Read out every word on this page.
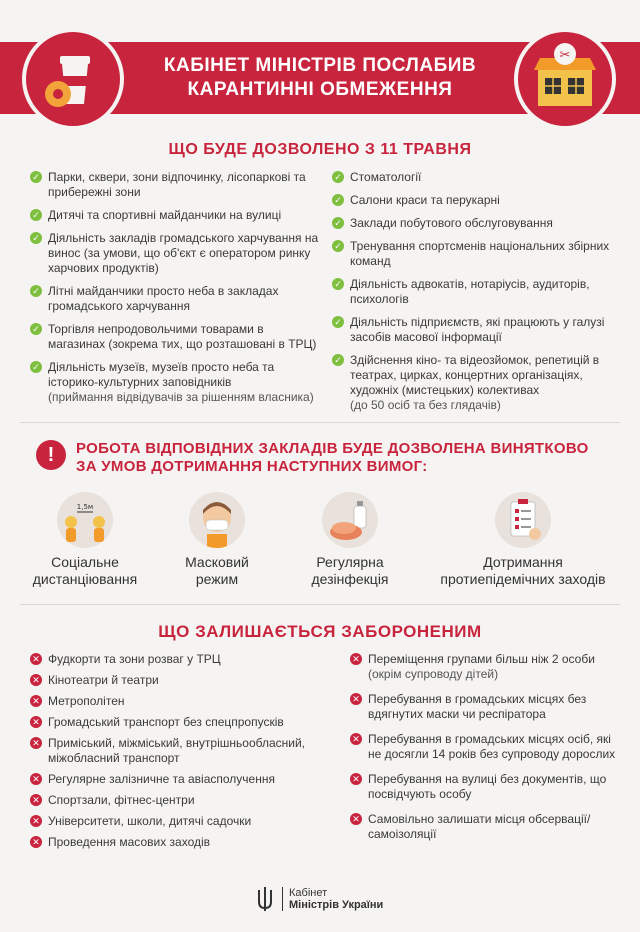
КАБІНЕТ МІНІСТРІВ ПОСЛАБИВ
КАРАНТИННІ ОБМЕЖЕННЯ
✂
ЩО БУДЕ ДОЗВОЛЕНО З 11 ТРАВНЯ
✓ Парки, сквери, зони відпочинку, лісопаркові та прибережні зони
✓ Дитячі та спортивні майданчики на вулиці
✓ Діяльність закладів громадського харчування на винос (за умови, що об'єкт є оператором ринку харчових продуктів)
✓ Літні майданчики просто неба в закладах громадського харчування
✓ Торгівля непродовольчими товарами в магазинах (зокрема тих, що розташовані в ТРЦ)
✓ Діяльність музеїв, музеїв просто неба та історико-культурних заповідників
(приймання відвідувачів за рішенням власника)
✓ Стоматології
✓ Салони краси та перукарні
✓ Заклади побутового обслуговування
✓ Тренування спортсменів національних збірних команд
✓ Діяльність адвокатів, нотаріусів, аудиторів, психологів
✓ Діяльність підприємств, які працюють у галузі засобів масової інформації
✓ Здійснення кіно- та відеозйомок, репетицій в театрах, цирках, концертних організаціях, художніх (мистецьких) колективах
(до 50 осіб та без глядачів)
!	РОБОТА ВІДПОВІДНИХ ЗАКЛАДІВ БУДЕ ДОЗВОЛЕНА ВИНЯТКОВО
ЗА УМОВ ДОТРИМАННЯ НАСТУПНИХ ВИМОГ:
1,5м
Соціальне
дистанціювання
Масковий
режим
Регулярна
дезінфекція
Дотримання
протиепідемічних заходів
ЩО ЗАЛИШАЄТЬСЯ ЗАБОРОНЕНИМ
✕ Фудкорти та зони розваг у ТРЦ
✕ Кінотеатри й театри
✕ Метрополітен
✕ Громадський транспорт без спецпропусків
✕ Приміський, міжміський, внутрішньообласний, міжобласний транспорт
✕ Регулярне залізничне та авіасполучення
✕ Спортзали, фітнес-центри
✕ Університети, школи, дитячі садочки
✕ Проведення масових заходів
✕ Переміщення групами більш ніж 2 особи
(окрім супроводу дітей)
✕ Перебування в громадських місцях без вдягнутих маски чи респіратора
✕ Перебування в громадських місцях осіб, які не досягли 14 років без супроводу дорослих
✕ Перебування на вулиці без документів, що посвідчують особу
✕ Самовільно залишати місця обсервації/самоізоляції
Кабінет
Міністрів України
